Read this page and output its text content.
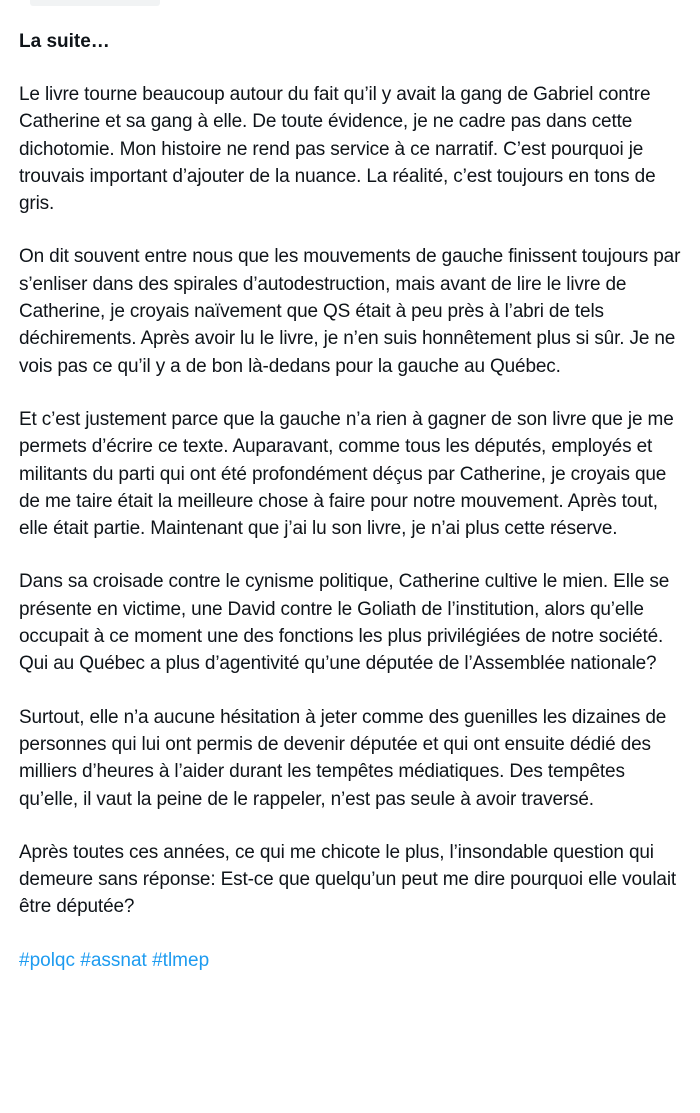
La suite…

Le livre tourne beaucoup autour du fait qu’il y avait la gang de Gabriel contre Catherine et sa gang à elle. De toute évidence, je ne cadre pas dans cette dichotomie. Mon histoire ne rend pas service à ce narratif. C’est pourquoi je trouvais important d’ajouter de la nuance. La réalité, c’est toujours en tons de gris.

On dit souvent entre nous que les mouvements de gauche finissent toujours par s’enliser dans des spirales d’autodestruction, mais avant de lire le livre de Catherine, je croyais naïvement que QS était à peu près à l’abri de tels déchirements. Après avoir lu le livre, je n’en suis honnêtement plus si sûr. Je ne vois pas ce qu’il y a de bon là-dedans pour la gauche au Québec.

Et c’est justement parce que la gauche n’a rien à gagner de son livre que je me permets d’écrire ce texte. Auparavant, comme tous les députés, employés et militants du parti qui ont été profondément déçus par Catherine, je croyais que de me taire était la meilleure chose à faire pour notre mouvement. Après tout, elle était partie. Maintenant que j’ai lu son livre, je n’ai plus cette réserve.

Dans sa croisade contre le cynisme politique, Catherine cultive le mien. Elle se présente en victime, une David contre le Goliath de l’institution, alors qu’elle occupait à ce moment une des fonctions les plus privilégiées de notre société. Qui au Québec a plus d’agentivité qu’une députée de l’Assemblée nationale?

Surtout, elle n’a aucune hésitation à jeter comme des guenilles les dizaines de personnes qui lui ont permis de devenir députée et qui ont ensuite dédié des milliers d’heures à l’aider durant les tempêtes médiatiques. Des tempêtes qu’elle, il vaut la peine de le rappeler, n’est pas seule à avoir traversé.

Après toutes ces années, ce qui me chicote le plus, l’insondable question qui demeure sans réponse: Est-ce que quelqu’un peut me dire pourquoi elle voulait être députée?

#polqc #assnat #tlmep
